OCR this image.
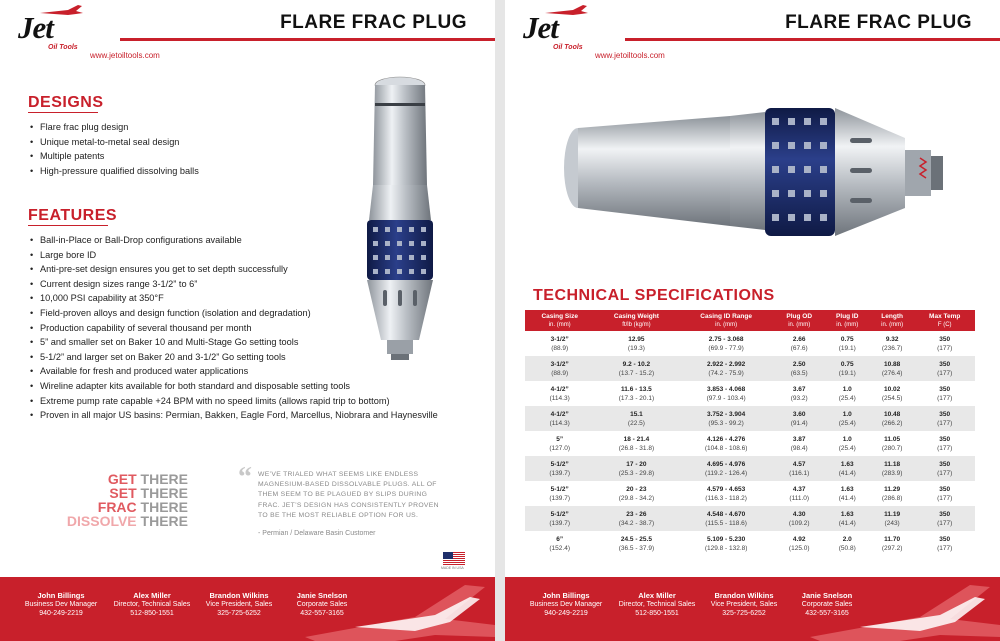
Jet
Oil Tools
www.jetoiltools.com
FLARE FRAC PLUG
DESIGNS
• Flare frac plug design
• Unique metal-to-metal seal design
• Multiple patents
• High-pressure qualified dissolving balls
FEATURES
• Ball-in-Place or Ball-Drop configurations available
• Large bore ID
• Anti-pre-set design ensures you get to set depth successfully
• Current design sizes range 3-1/2” to 6”
• 10,000 PSI capability at 350°F
• Field-proven alloys and design function (isolation and degradation)
• Production capability of several thousand per month
• 5” and smaller set on Baker 10 and Multi-Stage Go setting tools
• 5-1/2” and larger set on Baker 20 and 3-1/2” Go setting tools
• Available for fresh and produced water applications
• Wireline adapter kits available for both standard and disposable setting tools
• Extreme pump rate capable +24 BPM with no speed limits (allows rapid trip to bottom)
• Proven in all major US basins: Permian, Bakken, Eagle Ford, Marcellus, Niobrara and Haynesville
GET THERE
SET THERE
FRAC THERE
DISSOLVE THERE
“ WE’VE TRIALED WHAT SEEMS LIKE ENDLESS MAGNESIUM-BASED DISSOLVABLE PLUGS. ALL OF THEM SEEM TO BE PLAGUED BY SLIPS DURING FRAC. JET’S DESIGN HAS CONSISTENTLY PROVEN TO BE THE MOST RELIABLE OPTION FOR US.
- Permian / Delaware Basin Customer
MADE IN USA
John Billings
Business Dev Manager
940-249-2219
Alex Miller
Director, Technical Sales
512-850-1551
Brandon Wilkins
Vice President, Sales
325-725-6252
Janie Snelson
Corporate Sales
432-557-3165
Jet
Oil Tools
www.jetoiltools.com
FLARE FRAC PLUG
TECHNICAL SPECIFICATIONS
Casing Size
in. (mm)	Casing Weight
ft/lb (kg/m)	Casing ID Range
in. (mm)	Plug OD
in. (mm)	Plug ID
in. (mm)	Length
in. (mm)	Max Temp
F (C)

3-1/2”
(88.9)	12.95
(19.3)	2.75 - 3.068
(69.9 - 77.9)	2.66
(67.6)	0.75
(19.1)	9.32
(236.7)	350
(177)

3-1/2”
(88.9)	9.2 - 10.2
(13.7 - 15.2)	2.922 - 2.992
(74.2 - 75.9)	2.50
(63.5)	0.75
(19.1)	10.88
(276.4)	350
(177)

4-1/2”
(114.3)	11.6 - 13.5
(17.3 - 20.1)	3.853 - 4.068
(97.9 - 103.4)	3.67
(93.2)	1.0
(25.4)	10.02
(254.5)	350
(177)

4-1/2”
(114.3)	15.1
(22.5)	3.752 - 3.904
(95.3 - 99.2)	3.60
(91.4)	1.0
(25.4)	10.48
(266.2)	350
(177)

5”
(127.0)	18 - 21.4
(26.8 - 31.8)	4.126 - 4.276
(104.8 - 108.6)	3.87
(98.4)	1.0
(25.4)	11.05
(280.7)	350
(177)

5-1/2”
(139.7)	17 - 20
(25.3 - 29.8)	4.695 - 4.976
(119.2 - 126.4)	4.57
(116.1)	1.63
(41.4)	11.18
(283.9)	350
(177)

5-1/2”
(139.7)	20 - 23
(29.8 - 34.2)	4.579 - 4.653
(116.3 - 118.2)	4.37
(111.0)	1.63
(41.4)	11.29
(286.8)	350
(177)

5-1/2”
(139.7)	23 - 26
(34.2 - 38.7)	4.548 - 4.670
(115.5 - 118.6)	4.30
(109.2)	1.63
(41.4)	11.19
(243)	350
(177)

6”
(152.4)	24.5 - 25.5
(36.5 - 37.9)	5.109 - 5.230
(129.8 - 132.8)	4.92
(125.0)	2.0
(50.8)	11.70
(297.2)	350
(177)
John Billings
Business Dev Manager
940-249-2219
Alex Miller
Director, Technical Sales
512-850-1551
Brandon Wilkins
Vice President, Sales
325-725-6252
Janie Snelson
Corporate Sales
432-557-3165
